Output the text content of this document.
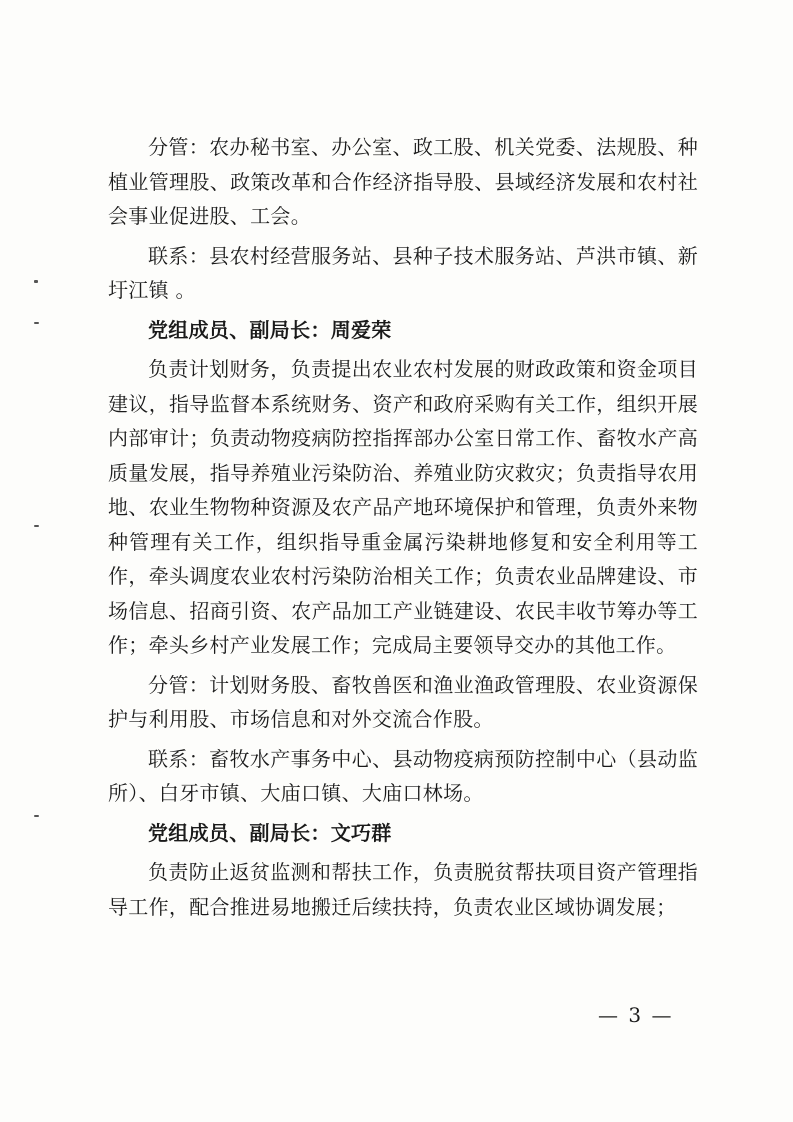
分管：农办秘书室、办公室、政工股、机关党委、法规股、种植业管理股、政策改革和合作经济指导股、县域经济发展和农村社会事业促进股、工会。

联系：县农村经营服务站、县种子技术服务站、芦洪市镇、新圩江镇 。

党组成员、副局长：周爱荣

负责计划财务，负责提出农业农村发展的财政政策和资金项目建议，指导监督本系统财务、资产和政府采购有关工作，组织开展内部审计；负责动物疫病防控指挥部办公室日常工作、畜牧水产高质量发展，指导养殖业污染防治、养殖业防灾救灾；负责指导农用地、农业生物物种资源及农产品产地环境保护和管理，负责外来物种管理有关工作，组织指导重金属污染耕地修复和安全利用等工作，牵头调度农业农村污染防治相关工作；负责农业品牌建设、市场信息、招商引资、农产品加工产业链建设、农民丰收节筹办等工作；牵头乡村产业发展工作；完成局主要领导交办的其他工作。

分管：计划财务股、畜牧兽医和渔业渔政管理股、农业资源保护与利用股、市场信息和对外交流合作股。

联系：畜牧水产事务中心、县动物疫病预防控制中心（县动监所）、白牙市镇、大庙口镇、大庙口林场。

党组成员、副局长：文巧群

负责防止返贫监测和帮扶工作，负责脱贫帮扶项目资产管理指导工作，配合推进易地搬迁后续扶持，负责农业区域协调发展；

— 3 —
